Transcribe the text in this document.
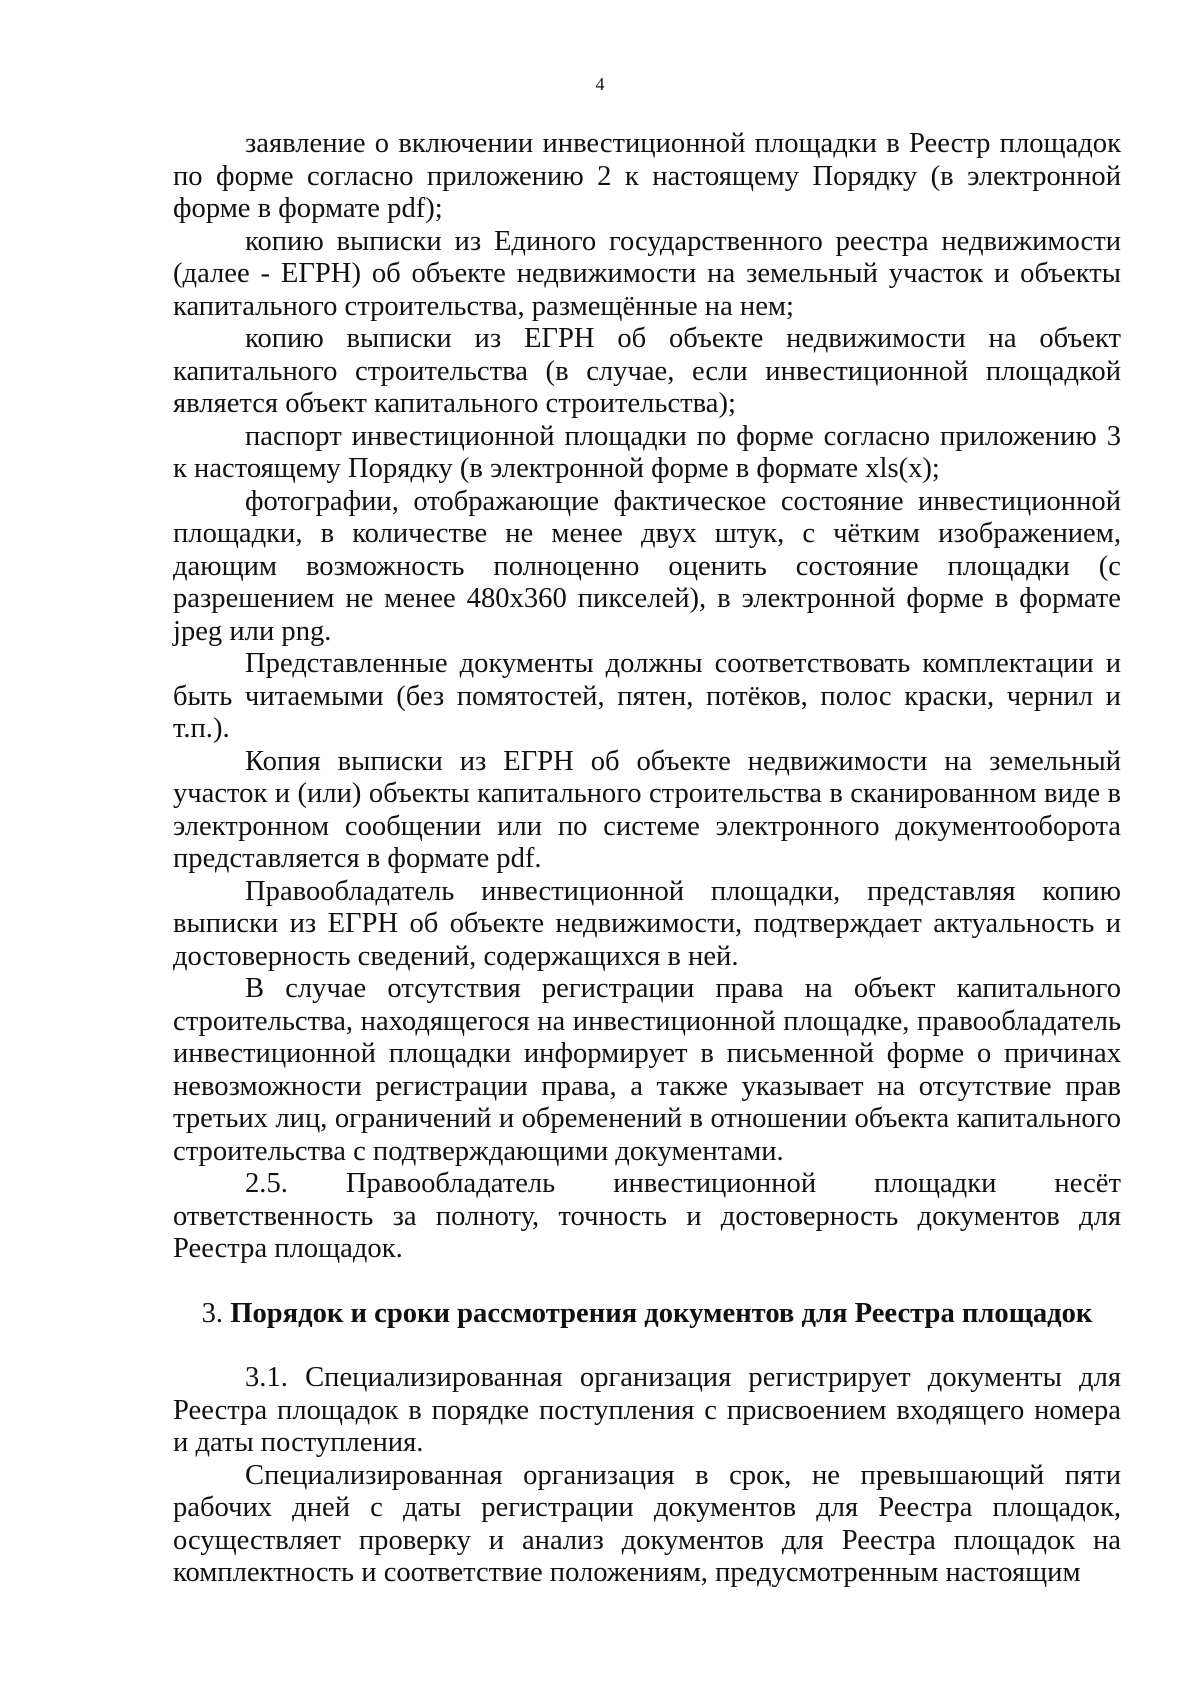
4

заявление о включении инвестиционной площадки в Реестр площадок по форме согласно приложению 2 к настоящему Порядку (в электронной форме в формате pdf);

копию выписки из Единого государственного реестра недвижимости (далее - ЕГРН) об объекте недвижимости на земельный участок и объекты капитального строительства, размещённые на нем;

копию выписки из ЕГРН об объекте недвижимости на объект капитального строительства (в случае, если инвестиционной площадкой является объект капитального строительства);

паспорт инвестиционной площадки по форме согласно приложению 3 к настоящему Порядку (в электронной форме в формате xls(x);

фотографии, отображающие фактическое состояние инвестиционной площадки, в количестве не менее двух штук, с чётким изображением, дающим возможность полноценно оценить состояние площадки (с разрешением не менее 480х360 пикселей), в электронной форме в формате jpeg или png.

Представленные документы должны соответствовать комплектации и быть читаемыми (без помятостей, пятен, потёков, полос краски, чернил и т.п.).

Копия выписки из ЕГРН об объекте недвижимости на земельный участок и (или) объекты капитального строительства в сканированном виде в электронном сообщении или по системе электронного документооборота представляется в формате pdf.

Правообладатель инвестиционной площадки, представляя копию выписки из ЕГРН об объекте недвижимости, подтверждает актуальность и достоверность сведений, содержащихся в ней.

В случае отсутствия регистрации права на объект капитального строительства, находящегося на инвестиционной площадке, правообладатель инвестиционной площадки информирует в письменной форме о причинах невозможности регистрации права, а также указывает на отсутствие прав третьих лиц, ограничений и обременений в отношении объекта капитального строительства с подтверждающими документами.

2.5. Правообладатель инвестиционной площадки несёт ответственность за полноту, точность и достоверность документов для Реестра площадок.

3. Порядок и сроки рассмотрения документов для Реестра площадок

3.1. Специализированная организация регистрирует документы для Реестра площадок в порядке поступления с присвоением входящего номера и даты поступления.

Специализированная организация в срок, не превышающий пяти рабочих дней с даты регистрации документов для Реестра площадок, осуществляет проверку и анализ документов для Реестра площадок на комплектность и соответствие положениям, предусмотренным настоящим
